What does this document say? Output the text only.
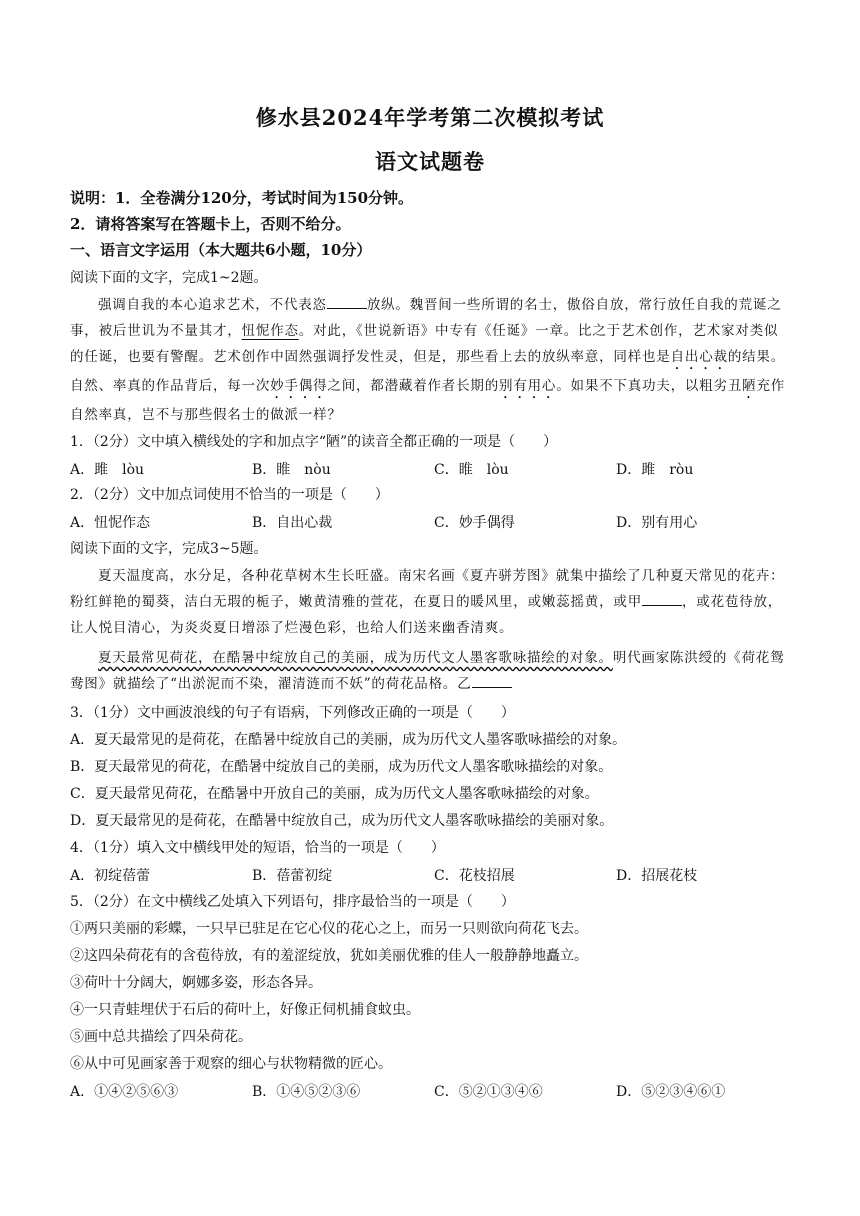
修水县2024年学考第二次模拟考试
语文试题卷
说明：1．全卷满分120分，考试时间为150分钟。
2．请将答案写在答题卡上，否则不给分。
一、语言文字运用（本大题共6小题，10分）
阅读下面的文字，完成1~2题。
强调自我的本心追求艺术，不代表恣	放纵。魏晋间一些所谓的名士，傲俗自放，常行放任自我的荒诞之事，被后世讥为不量其才，忸怩作态。对此，《世说新语》中专有《任诞》一章。比之于艺术创作，艺术家对类似的任诞，也要有警醒。艺术创作中固然强调抒发性灵，但是，那些看上去的放纵率意，同样也是自出心裁的结果。自然、率真的作品背后，每一次妙手偶得之间，都潜藏着作者长期的别有用心。如果不下真功夫，以粗劣丑陋充作自然率真，岂不与那些假名士的做派一样？
1．（2分）文中填入横线处的字和加点字“陋”的读音全都正确的一项是（　　）
A．雎　lòu	B．睢　nòu	C．睢　lòu	D．雎　ròu
2．（2分）文中加点词使用不恰当的一项是（　　）
A．忸怩作态	B．自出心裁	C．妙手偶得	D．别有用心
阅读下面的文字，完成3~5题。
夏天温度高，水分足，各种花草树木生长旺盛。南宋名画《夏卉骈芳图》就集中描绘了几种夏天常见的花卉：粉红鲜艳的蜀葵，洁白无瑕的栀子，嫩黄清雅的萱花，在夏日的暖风里，或嫩蕊摇黄，或甲	，或花苞待放，让人悦目清心，为炎炎夏日增添了烂漫色彩，也给人们送来幽香清爽。
夏天最常见荷花，在酷暑中绽放自己的美丽，成为历代文人墨客歌咏描绘的对象。明代画家陈洪绶的《荷花鸳鸯图》就描绘了“出淤泥而不染，濯清涟而不妖”的荷花品格。乙
3．（1分）文中画波浪线的句子有语病，下列修改正确的一项是（　　）
A．夏天最常见的是荷花，在酷暑中绽放自己的美丽，成为历代文人墨客歌咏描绘的对象。
B．夏天最常见的荷花，在酷暑中绽放自己的美丽，成为历代文人墨客歌咏描绘的对象。
C．夏天最常见荷花，在酷暑中开放自己的美丽，成为历代文人墨客歌咏描绘的对象。
D．夏天最常见的是荷花，在酷暑中绽放自己，成为历代文人墨客歌咏描绘的美丽对象。
4．（1分）填入文中横线甲处的短语，恰当的一项是（　　）
A．初绽蓓蕾	B．蓓蕾初绽	C．花枝招展	D．招展花枝
5．（2分）在文中横线乙处填入下列语句，排序最恰当的一项是（　　）
①两只美丽的彩蝶，一只早已驻足在它心仪的花心之上，而另一只则欲向荷花飞去。
②这四朵荷花有的含苞待放，有的羞涩绽放，犹如美丽优雅的佳人一般静静地矗立。
③荷叶十分阔大，婀娜多姿，形态各异。
④一只青蛙埋伏于石后的荷叶上，好像正伺机捕食蚊虫。
⑤画中总共描绘了四朵荷花。
⑥从中可见画家善于观察的细心与状物精微的匠心。
A．①④②⑤⑥③	B．①④⑤②③⑥	C．⑤②①③④⑥	D．⑤②③④⑥①
